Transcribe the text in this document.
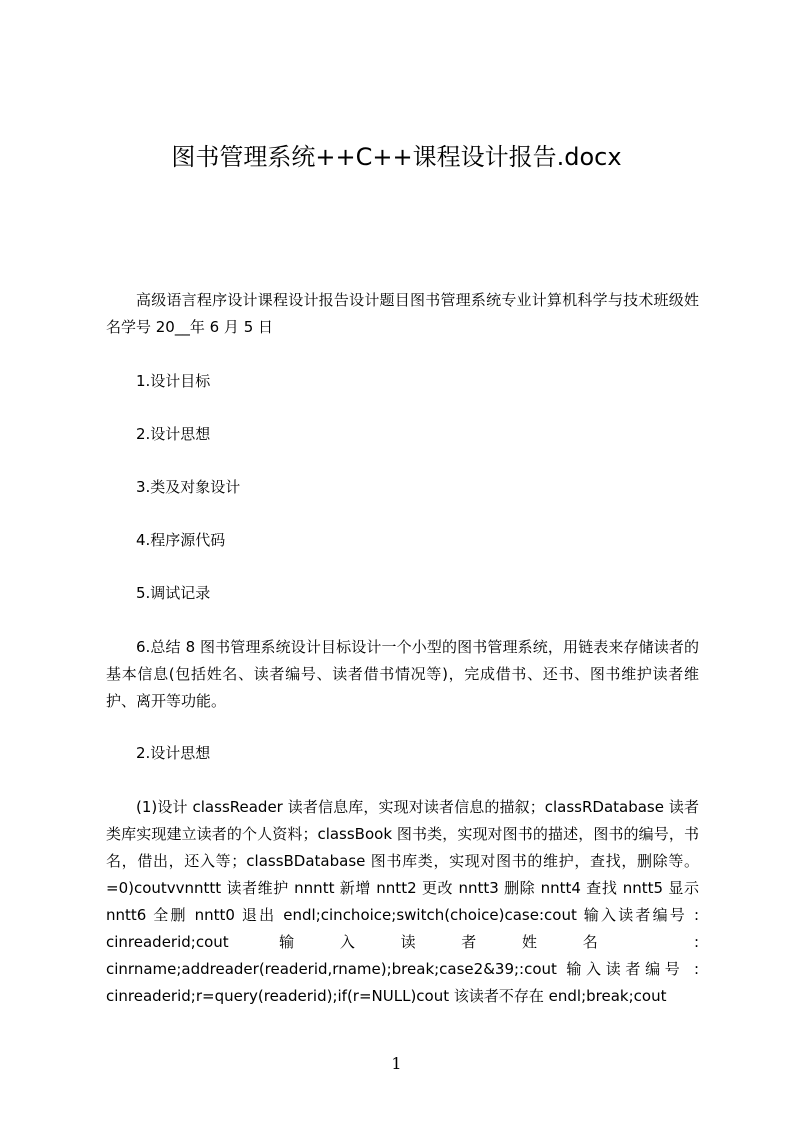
图书管理系统++C++课程设计报告.docx

高级语言程序设计课程设计报告设计题目图书管理系统专业计算机科学与技术班级姓名学号 20__年 6 月 5 日

1.设计目标
2.设计思想
3.类及对象设计
4.程序源代码
5.调试记录

6.总结 8 图书管理系统设计目标设计一个小型的图书管理系统，用链表来存储读者的基本信息(包括姓名、读者编号、读者借书情况等)，完成借书、还书、图书维护读者维护、离开等功能。

2.设计思想

(1)设计 classReader 读者信息库，实现对读者信息的描叙；classRDatabase 读者类库实现建立读者的个人资料；classBook 图书类，实现对图书的描述，图书的编号，书名，借出，还入等；classBDatabase 图书库类，实现对图书的维护，查找，删除等。=0)coutvvnnttt 读者维护 nnntt 新增 nntt2 更改 nntt3 删除 nntt4 查找 nntt5 显示 nntt6 全删 nntt0 退出 endl;cinchoice;switch(choice)case:cout 输入读者编号 : cinreaderid;cout 输入读者姓名 : cinrname;addreader(readerid,rname);break;case2&39;:cout 输入读者编号 : cinreaderid;r=query(readerid);if(r=NULL)cout 该读者不存在 endl;break;cout

1
